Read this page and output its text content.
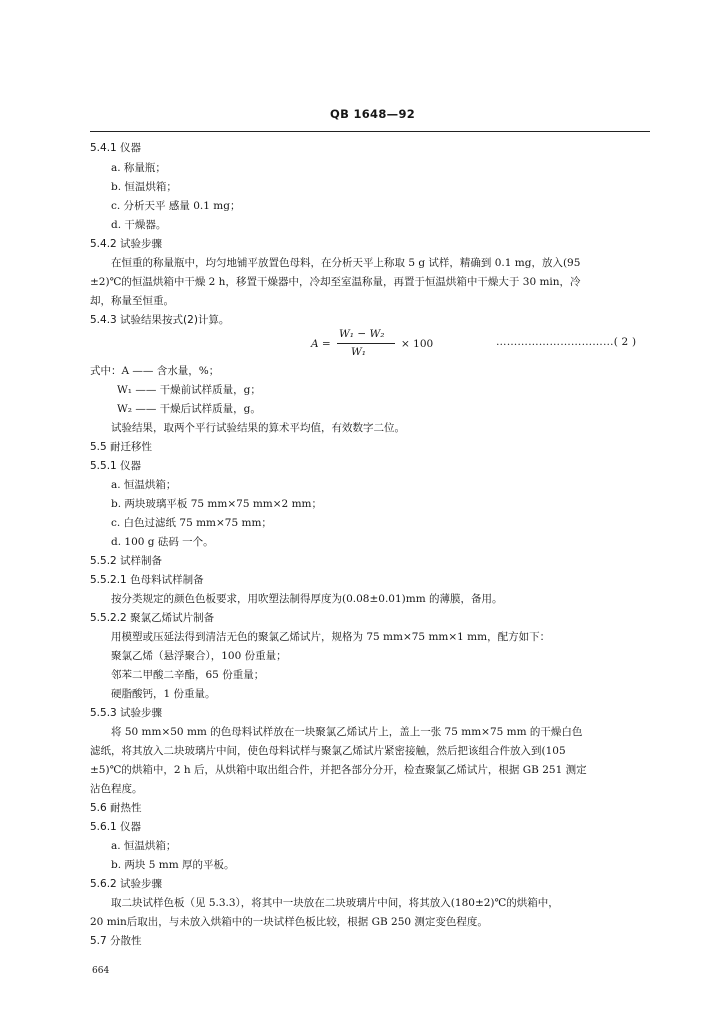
QB 1648—92
5.4.1 仪器
a. 称量瓶；
b. 恒温烘箱；
c. 分析天平 感量 0.1 mg；
d. 干燥器。
5.4.2 试验步骤
在恒重的称量瓶中，均匀地铺平放置色母料，在分析天平上称取 5 g 试样，精确到 0.1 mg，放入(95
±2)℃的恒温烘箱中干燥 2 h，移置干燥器中，冷却至室温称量，再置于恒温烘箱中干燥大于 30 min，冷
却，称量至恒重。
5.4.3 试验结果按式(2)计算。
式中：A —— 含水量，%；
W₁ —— 干燥前试样质量，g；
W₂ —— 干燥后试样质量，g。
试验结果，取两个平行试验结果的算术平均值，有效数字二位。
5.5 耐迁移性
5.5.1 仪器
a. 恒温烘箱；
b. 两块玻璃平板 75 mm×75 mm×2 mm；
c. 白色过滤纸 75 mm×75 mm；
d. 100 g 砝码 一个。
5.5.2 试样制备
5.5.2.1 色母料试样制备
按分类规定的颜色色板要求，用吹塑法制得厚度为(0.08±0.01)mm 的薄膜，备用。
5.5.2.2 聚氯乙烯试片制备
用模塑或压延法得到清洁无色的聚氯乙烯试片，规格为 75 mm×75 mm×1 mm，配方如下：
聚氯乙烯（悬浮聚合），100 份重量；
邻苯二甲酸二辛酯，65 份重量；
硬脂酸钙，1 份重量。
5.5.3 试验步骤
将 50 mm×50 mm 的色母料试样放在一块聚氯乙烯试片上，盖上一张 75 mm×75 mm 的干燥白色
滤纸，将其放入二块玻璃片中间，使色母料试样与聚氯乙烯试片紧密接触，然后把该组合件放入到(105
±5)℃的烘箱中，2 h 后，从烘箱中取出组合件，并把各部分分开，检查聚氯乙烯试片，根据 GB 251 测定
沾色程度。
5.6 耐热性
5.6.1 仪器
a. 恒温烘箱；
b. 两块 5 mm 厚的平板。
5.6.2 试验步骤
取二块试样色板（见 5.3.3），将其中一块放在二块玻璃片中间，将其放入(180±2)℃的烘箱中，
20 min后取出，与未放入烘箱中的一块试样色板比较，根据 GB 250 测定变色程度。
5.7 分散性
A =
W₁ − W₂
W₁
× 100	……………………………( 2 )
664
